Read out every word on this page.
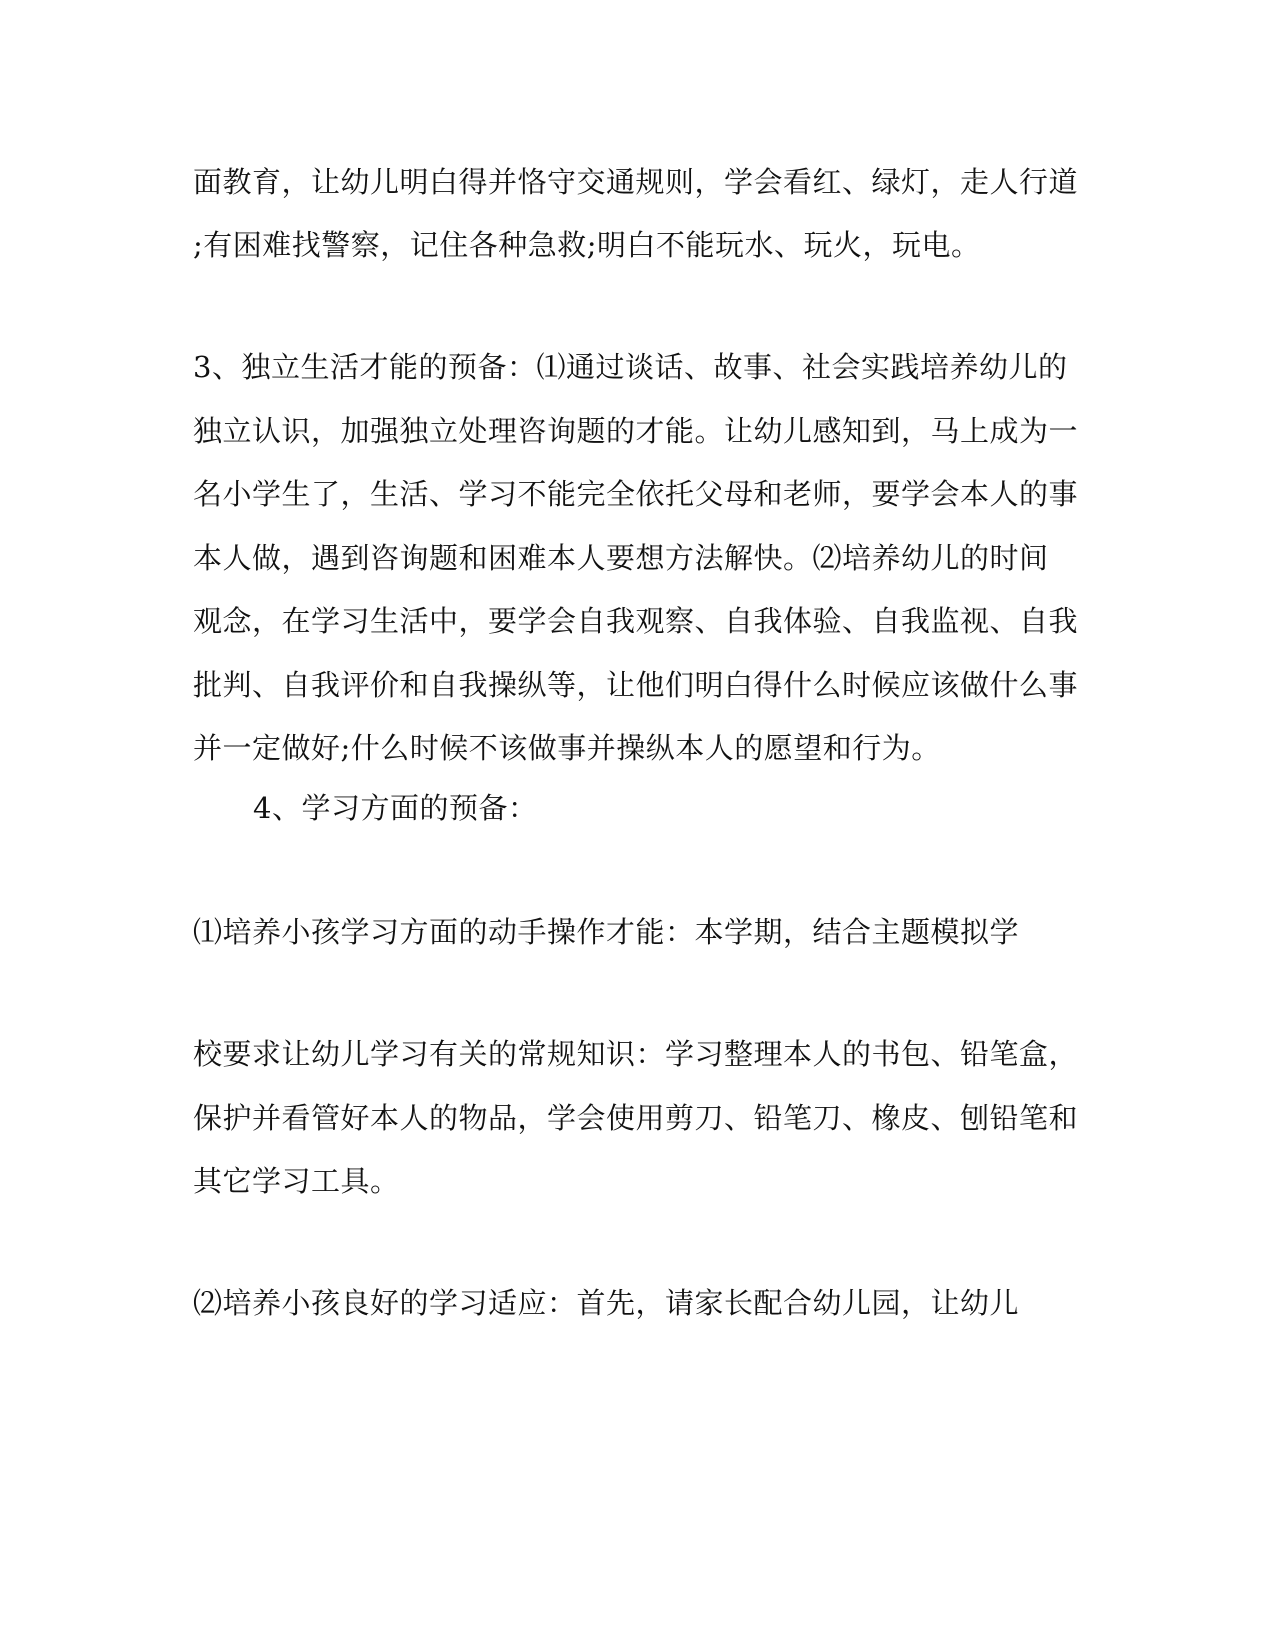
面教育，让幼儿明白得并恪守交通规则，学会看红、绿灯，走人行道
;有困难找警察，记住各种急救;明白不能玩水、玩火，玩电。
3、独立生活才能的预备：⑴通过谈话、故事、社会实践培养幼儿的
独立认识，加强独立处理咨询题的才能。让幼儿感知到，马上成为一
名小学生了，生活、学习不能完全依托父母和老师，要学会本人的事
本人做，遇到咨询题和困难本人要想方法解快。⑵培养幼儿的时间
观念，在学习生活中，要学会自我观察、自我体验、自我监视、自我
批判、自我评价和自我操纵等，让他们明白得什么时候应该做什么事
并一定做好;什么时候不该做事并操纵本人的愿望和行为。
4、学习方面的预备：
⑴培养小孩学习方面的动手操作才能：本学期，结合主题模拟学
校要求让幼儿学习有关的常规知识：学习整理本人的书包、铅笔盒，
保护并看管好本人的物品，学会使用剪刀、铅笔刀、橡皮、刨铅笔和
其它学习工具。
⑵培养小孩良好的学习适应：首先，请家长配合幼儿园，让幼儿
